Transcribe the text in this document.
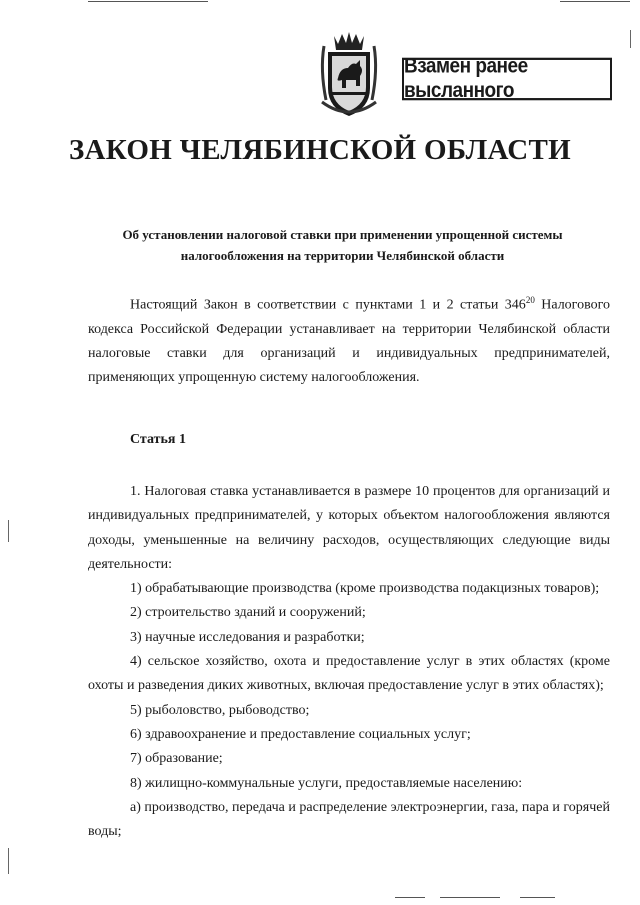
Взамен ранее высланного
ЗАКОН ЧЕЛЯБИНСКОЙ ОБЛАСТИ
Об установлении налоговой ставки при применении упрощенной системы
налогообложения на территории Челябинской области
Настоящий Закон в соответствии с пунктами 1 и 2 статьи $346^{20}$ Налогового кодекса Российской Федерации устанавливает на территории Челябинской области налоговые ставки для организаций и индивидуальных предпринимателей, применяющих упрощенную систему налогообложения.
Статья 1

1. Налоговая ставка устанавливается в размере 10 процентов для организаций и индивидуальных предпринимателей, у которых объектом налогообложения являются доходы, уменьшенные на величину расходов, осуществляющих следующие виды деятельности:

1) обрабатывающие производства (кроме производства подакцизных товаров);

2) строительство зданий и сооружений;

3) научные исследования и разработки;

4) сельское хозяйство, охота и предоставление услуг в этих областях (кроме охоты и разведения диких животных, включая предоставление услуг в этих областях);

5) рыболовство, рыбоводство;

6) здравоохранение и предоставление социальных услуг;

7) образование;

8) жилищно-коммунальные услуги, предоставляемые населению:

а) производство, передача и распределение электроэнергии, газа, пара и горячей воды;
